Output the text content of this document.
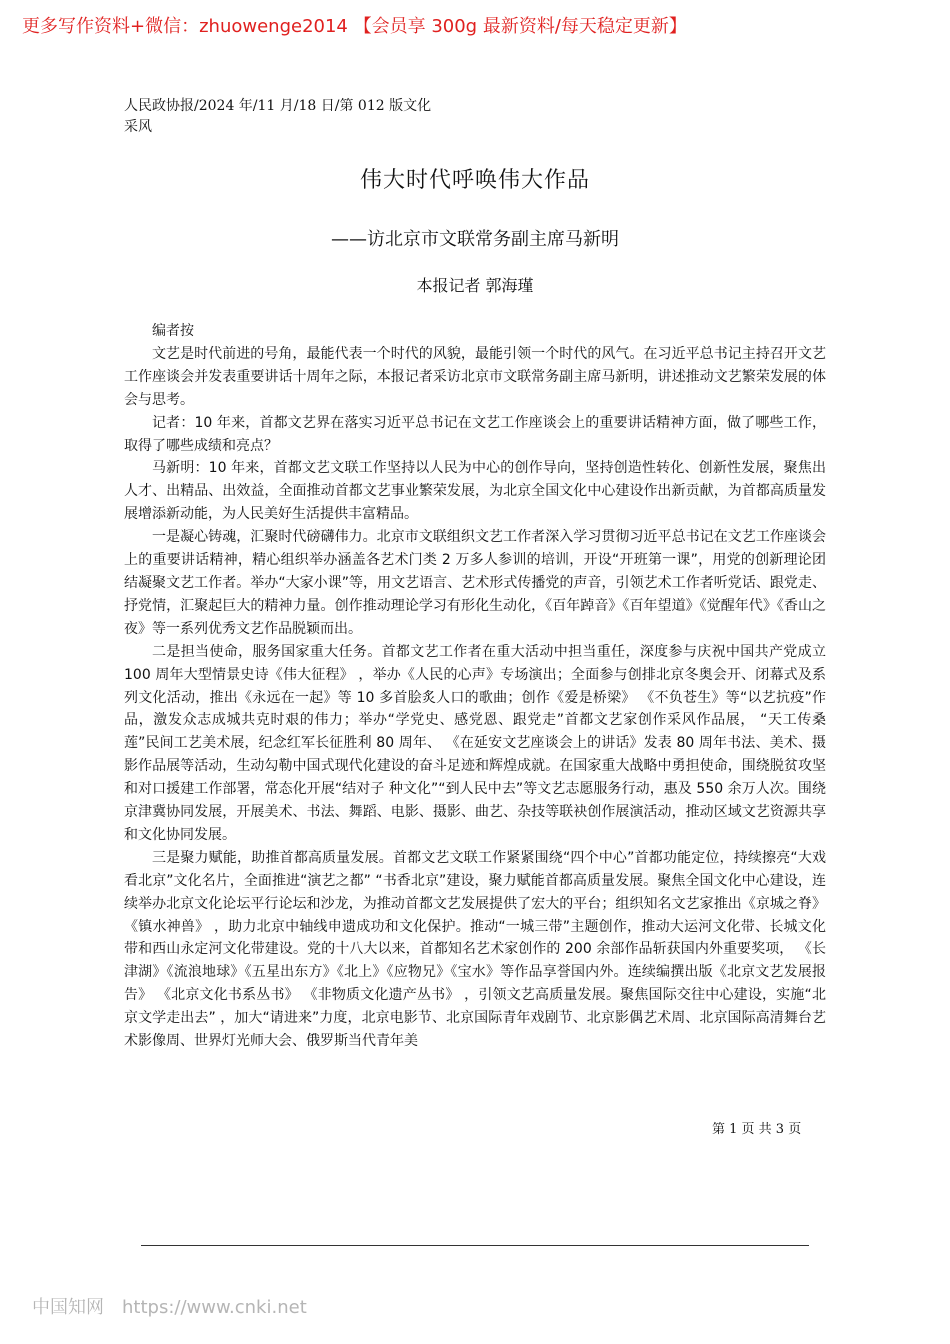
更多写作资料+微信：zhuowenge2014 【会员享 300g 最新资料/每天稳定更新】
人民政协报/2024 年/11 月/18 日/第 012 版文化采风
伟大时代呼唤伟大作品
——访北京市文联常务副主席马新明
本报记者 郭海瑾

编者按

文艺是时代前进的号角，最能代表一个时代的风貌，最能引领一个时代的风气。在习近平总书记主持召开文艺工作座谈会并发表重要讲话十周年之际，本报记者采访北京市文联常务副主席马新明，讲述推动文艺繁荣发展的体会与思考。

记者：10 年来，首都文艺界在落实习近平总书记在文艺工作座谈会上的重要讲话精神方面，做了哪些工作，取得了哪些成绩和亮点？

马新明：10 年来，首都文艺文联工作坚持以人民为中心的创作导向，坚持创造性转化、创新性发展，聚焦出人才、出精品、出效益，全面推动首都文艺事业繁荣发展，为北京全国文化中心建设作出新贡献，为首都高质量发展增添新动能，为人民美好生活提供丰富精品。

一是凝心铸魂，汇聚时代磅礴伟力。北京市文联组织文艺工作者深入学习贯彻习近平总书记在文艺工作座谈会上的重要讲话精神，精心组织举办涵盖各艺术门类 2 万多人参训的培训，开设“开班第一课”，用党的创新理论团结凝聚文艺工作者。举办“大家小课”等，用文艺语言、艺术形式传播党的声音，引领艺术工作者听党话、跟党走、抒党情，汇聚起巨大的精神力量。创作推动理论学习有形化生动化，《百年踔音》《百年望道》《觉醒年代》《香山之夜》等一系列优秀文艺作品脱颖而出。

二是担当使命，服务国家重大任务。首都文艺工作者在重大活动中担当重任，深度参与庆祝中国共产党成立 100 周年大型情景史诗《伟大征程》 ，举办《人民的心声》专场演出；全面参与创排北京冬奥会开、闭幕式及系列文化活动，推出《永远在一起》等 10 多首脍炙人口的歌曲；创作《爱是桥梁》 《不负苍生》等“以艺抗疫”作品，激发众志成城共克时艰的伟力；举办“学党史、感党恩、跟党走”首都文艺家创作采风作品展， “天工传桑莲”民间工艺美术展，纪念红军长征胜利 80 周年、 《在延安文艺座谈会上的讲话》发表 80 周年书法、美术、摄影作品展等活动，生动勾勒中国式现代化建设的奋斗足迹和辉煌成就。在国家重大战略中勇担使命，围绕脱贫攻坚和对口援建工作部署，常态化开展“结对子 种文化”“到人民中去”等文艺志愿服务行动，惠及 550 余万人次。围绕京津冀协同发展，开展美术、书法、舞蹈、电影、摄影、曲艺、杂技等联袂创作展演活动，推动区域文艺资源共享和文化协同发展。

三是聚力赋能，助推首都高质量发展。首都文艺文联工作紧紧围绕“四个中心”首都功能定位，持续擦亮“大戏看北京”文化名片，全面推进“演艺之都” “书香北京”建设，聚力赋能首都高质量发展。聚焦全国文化中心建设，连续举办北京文化论坛平行论坛和沙龙，为推动首都文艺发展提供了宏大的平台；组织知名文艺家推出《京城之脊》《镇水神兽》 ，助力北京中轴线申遗成功和文化保护。推动“一城三带”主题创作，推动大运河文化带、长城文化带和西山永定河文化带建设。党的十八大以来，首都知名艺术家创作的 200 余部作品斩获国内外重要奖项， 《长津湖》《流浪地球》《五星出东方》《北上》《应物兄》《宝水》等作品享誉国内外。连续编撰出版《北京文艺发展报告》 《北京文化书系丛书》 《非物质文化遗产丛书》 ，引领文艺高质量发展。聚焦国际交往中心建设，实施“北京文学走出去” ，加大“请进来”力度，北京电影节、北京国际青年戏剧节、北京影偶艺术周、北京国际高清舞台艺术影像周、世界灯光师大会、俄罗斯当代青年美

第 1 页 共 3 页
中国知网 https://www.cnki.net
